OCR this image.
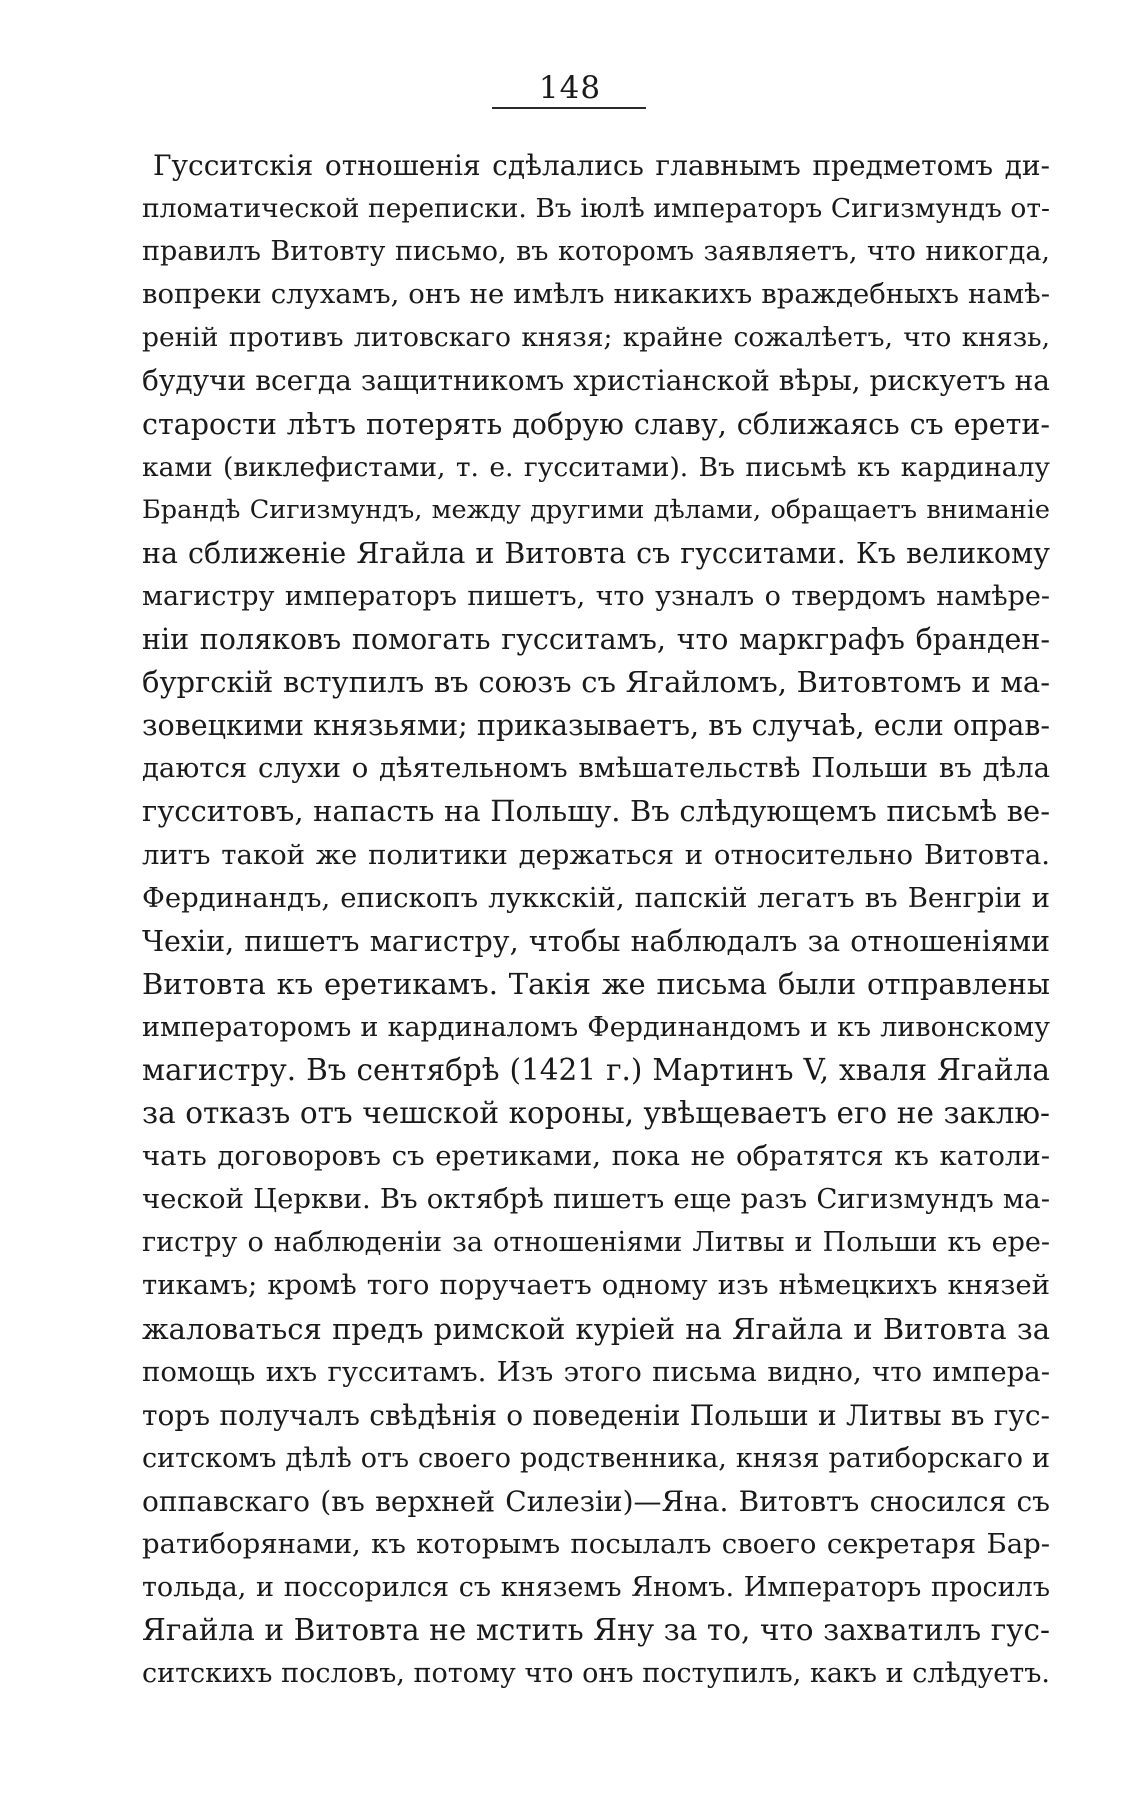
148
Гусситскія отношенія сдѣлались главнымъ предметомъ ди-
пломатической переписки. Въ іюлѣ императоръ Сигизмундъ от-
правилъ Витовту письмо, въ которомъ заявляетъ, что никогда,
вопреки слухамъ, онъ не имѣлъ никакихъ враждебныхъ намѣ-
реній противъ литовскаго князя; крайне сожалѣетъ, что князь,
будучи всегда защитникомъ христіанской вѣры, рискуетъ на
старости лѣтъ потерять добрую славу, сближаясь съ ерети-
ками (виклефистами, т. е. гусситами). Въ письмѣ къ кардиналу
Брандѣ Сигизмундъ, между другими дѣлами, обращаетъ вниманіе
на сближеніе Ягайла и Витовта съ гусситами. Къ великому
магистру императоръ пишетъ, что узналъ о твердомъ намѣре-
ніи поляковъ помогать гусситамъ, что маркграфъ бранден-
бургскій вступилъ въ союзъ съ Ягайломъ, Витовтомъ и ма-
зовецкими князьями; приказываетъ, въ случаѣ, если оправ-
даются слухи о дѣятельномъ вмѣшательствѣ Польши въ дѣла
гусситовъ, напасть на Польшу. Въ слѣдующемъ письмѣ ве-
литъ такой же политики держаться и относительно Витовта.
Фердинандъ, епископъ луккскій, папскій легатъ въ Венгріи и
Чехіи, пишетъ магистру, чтобы наблюдалъ за отношеніями
Витовта къ еретикамъ. Такія же письма были отправлены
императоромъ и кардиналомъ Фердинандомъ и къ ливонскому
магистру. Въ сентябрѣ (1421 г.) Мартинъ V, хваля Ягайла
за отказъ отъ чешской короны, увѣщеваетъ его не заклю-
чать договоровъ съ еретиками, пока не обратятся къ католи-
ческой Церкви. Въ октябрѣ пишетъ еще разъ Сигизмундъ ма-
гистру о наблюденіи за отношеніями Литвы и Польши къ ере-
тикамъ; кромѣ того поручаетъ одному изъ нѣмецкихъ князей
жаловаться предъ римской куріей на Ягайла и Витовта за
помощь ихъ гусситамъ. Изъ этого письма видно, что импера-
торъ получалъ свѣдѣнія о поведеніи Польши и Литвы въ гус-
ситскомъ дѣлѣ отъ своего родственника, князя ратиборскаго и
оппавскаго (въ верхней Силезіи)—Яна. Витовтъ сносился съ
ратиборянами, къ которымъ посылалъ своего секретаря Бар-
тольда, и поссорился съ княземъ Яномъ. Императоръ просилъ
Ягайла и Витовта не мстить Яну за то, что захватилъ гус-
ситскихъ пословъ, потому что онъ поступилъ, какъ и слѣдуетъ.
